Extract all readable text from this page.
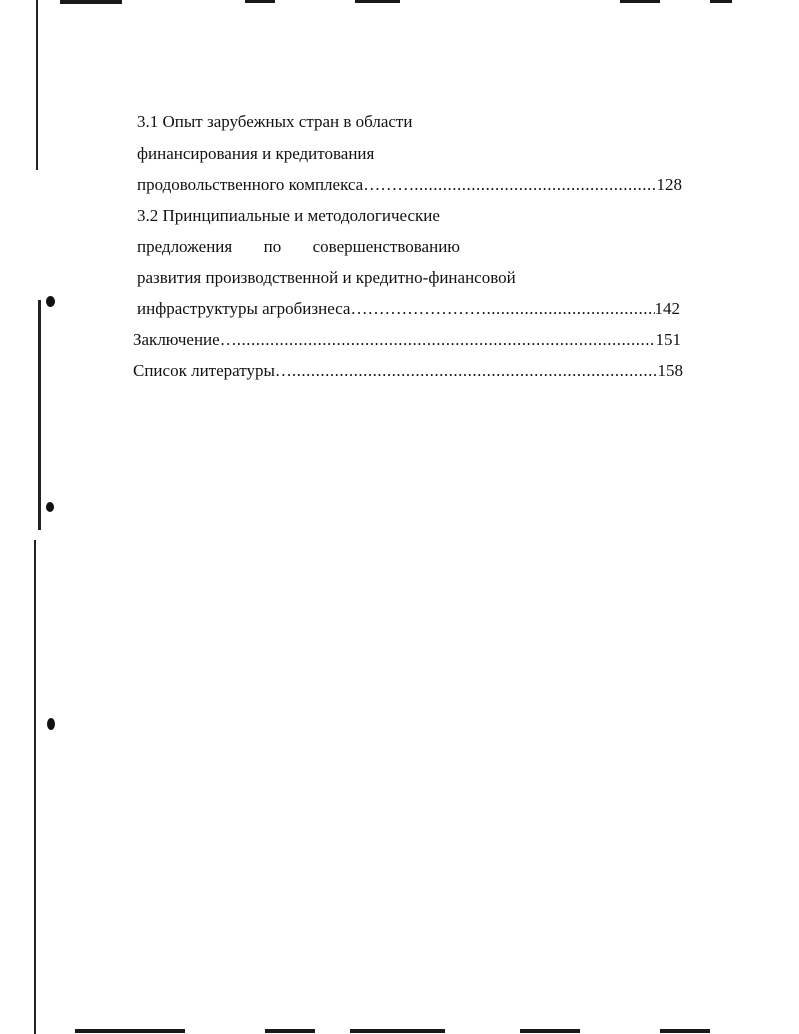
3.1 Опыт зарубежных стран в области
финансирования и кредитования
продовольственного комплекса……… .....	128
3.2 Принципиальные и методологические
предложения по совершенствованию
развития производственной и кредитно-финансовой
инфраструктуры агробизнеса…………………… .....	142
Заключение… .....	151
Список литературы… .....	158
